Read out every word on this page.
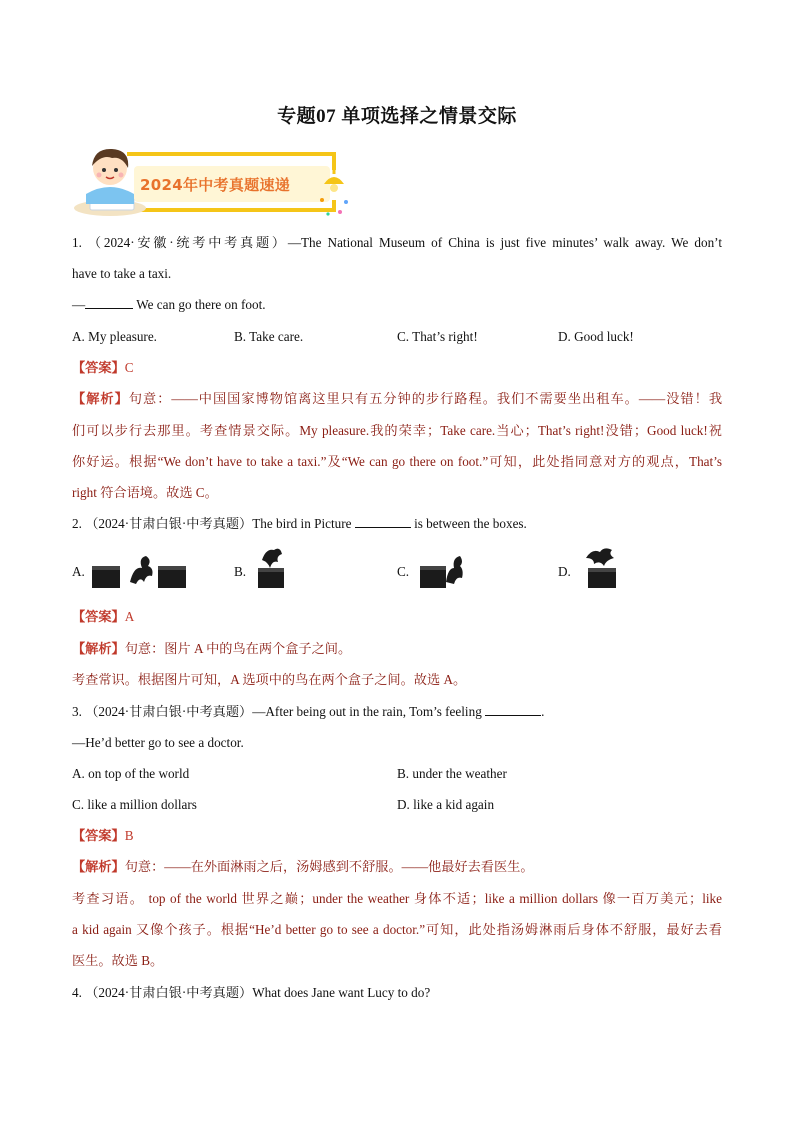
专题07 单项选择之情景交际
2024年中考真题速递
1. （2024·安徽·统考中考真题）—The National Museum of China is just five minutes’ walk away. We don’t
have to take a taxi.
—	We can go there on foot.
A. My pleasure.	B. Take care.	C. That’s right!	D. Good luck!
【答案】C
【解析】句意：——中国国家博物馆离这里只有五分钟的步行路程。我们不需要坐出租车。——没错！我
们可以步行去那里。考查情景交际。My pleasure.我的荣幸；Take care.当心；That’s right!没错；Good luck!祝
你好运。根据“We don’t have to take a taxi.”及“We can go there on foot.”可知，此处指同意对方的观点，That’s
right 符合语境。故选 C。
2. （2024·甘肃白银·中考真题）The bird in Picture	is between the boxes.
A.	B.	C.	D.
【答案】A
【解析】句意：图片 A 中的鸟在两个盒子之间。
考查常识。根据图片可知，A 选项中的鸟在两个盒子之间。故选 A。
3. （2024·甘肃白银·中考真题）—After being out in the rain, Tom’s feeling	.
—He’d better go to see a doctor.
A. on top of the world	B. under the weather
C. like a million dollars	D. like a kid again
【答案】B
【解析】句意：——在外面淋雨之后，汤姆感到不舒服。——他最好去看医生。
考查习语。 top of the world 世界之巅；under the weather 身体不适；like a million dollars 像一百万美元；like
a kid again 又像个孩子。根据“He’d better go to see a doctor.”可知，此处指汤姆淋雨后身体不舒服，最好去看
医生。故选 B。
4. （2024·甘肃白银·中考真题）What does Jane want Lucy to do?
